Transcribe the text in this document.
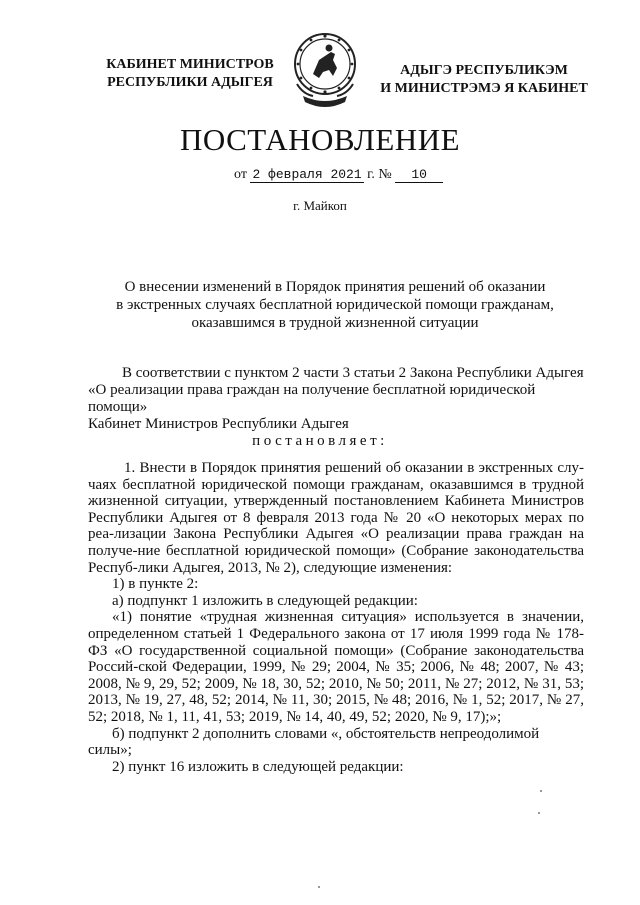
КАБИНЕТ МИНИСТРОВ
РЕСПУБЛИКИ АДЫГЕЯ
АДЫГЭ РЕСПУБЛИКЭМ
И МИНИСТРЭМЭ Я КАБИНЕТ
ПОСТАНОВЛЕНИЕ
от 2 февраля 2021 г. № 10
г. Майкоп
О внесении изменений в Порядок принятия решений об оказании
в экстренных случаях бесплатной юридической помощи гражданам,
оказавшимся в трудной жизненной ситуации

В соответствии с пунктом 2 части 3 статьи 2 Закона Республики Адыгея

«О реализации права граждан на получение бесплатной юридической помощи»

Кабинет Министров Республики Адыгея

постановляет:

1. Внести в Порядок принятия решений об оказании в экстренных слу-чаях бесплатной юридической помощи гражданам, оказавшимся в трудной жизненной ситуации, утвержденный постановлением Кабинета Министров Республики Адыгея от 8 февраля 2013 года № 20 «О некоторых мерах по реа-лизации Закона Республики Адыгея «О реализации права граждан на получе-ние бесплатной юридической помощи» (Собрание законодательства Респуб-лики Адыгея, 2013, № 2), следующие изменения:

1) в пункте 2:

а) подпункт 1 изложить в следующей редакции:

«1) понятие «трудная жизненная ситуация» используется в значении, определенном статьей 1 Федерального закона от 17 июля 1999 года № 178-ФЗ «О государственной социальной помощи» (Собрание законодательства Россий-ской Федерации, 1999, № 29; 2004, № 35; 2006, № 48; 2007, № 43; 2008, № 9, 29, 52; 2009, № 18, 30, 52; 2010, № 50; 2011, № 27; 2012, № 31, 53; 2013, № 19, 27, 48, 52; 2014, № 11, 30; 2015, № 48; 2016, № 1, 52; 2017, № 27, 52; 2018, № 1, 11, 41, 53; 2019, № 14, 40, 49, 52; 2020, № 9, 17);»;

б) подпункт 2 дополнить словами «, обстоятельств непреодолимой силы»;

2) пункт 16 изложить в следующей редакции:
